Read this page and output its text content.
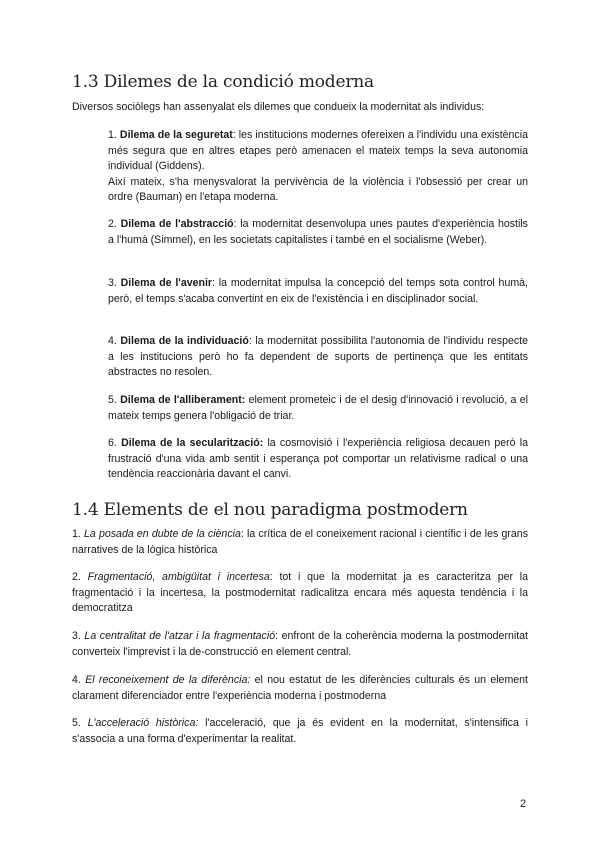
1.3 Dilemes de la condició moderna

Diversos sociòlegs han assenyalat els dilemes que condueix la modernitat als individus:

1. Dilema de la seguretat: les institucions modernes ofereixen a l'individu una existència més segura que en altres etapes però amenacen el mateix temps la seva autonomia individual (Giddens).
Així mateix, s'ha menysvalorat la pervivència de la violència i l'obsessió per crear un ordre (Bauman) en l'etapa moderna.

2. Dilema de l'abstracció: la modernitat desenvolupa unes pautes d'experiència hostils a l'humà (Simmel), en les societats capitalistes i també en el socialisme (Weber).

3. Dilema de l'avenir: la modernitat impulsa la concepció del temps sota control humà, però, el temps s'acaba convertint en eix de l'existència i en disciplinador social.

4. Dilema de la individuació: la modernitat possibilita l'autonomia de l'individu respecte a les institucions però ho fa dependent de suports de pertinença que les entitats abstractes no resolen.

5. Dilema de l'alliberament: element prometeic i de el desig d'innovació i revolució, a el mateix temps genera l'obligació de triar.

6. Dilema de la secularització: la cosmovisió i l'experiència religiosa decauen però la frustració d'una vida amb sentit i esperança pot comportar un relativisme radical o una tendència reaccionària davant el canvi.

1.4 Elements de el nou paradigma postmodern

1. La posada en dubte de la ciència: la crítica de el coneixement racional i científic i de les grans narratives de la lògica històrica

2. Fragmentació, ambigüitat i incertesa: tot i que la modernitat ja es caracteritza per la fragmentació i la incertesa, la postmodernitat radicalitza encara més aquesta tendència i la democratitza

3. La centralitat de l'atzar i la fragmentació: enfront de la coherència moderna la postmodernitat converteix l'imprevist i la de-construcció en element central.

4. El reconeixement de la diferència: el nou estatut de les diferències culturals és un element clarament diferenciador entre l'experiència moderna i postmoderna

5. L'acceleració històrica: l'acceleració, que ja és evident en la modernitat, s'intensifica i s'associa a una forma d'experimentar la realitat.

2
